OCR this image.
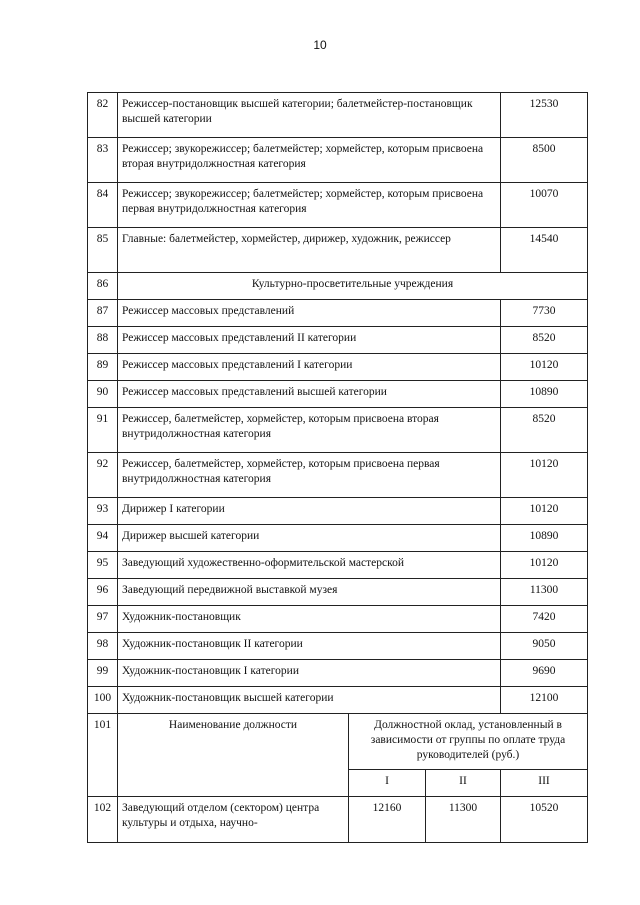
10
82	Режиссер-постановщик высшей категории; балетмейстер-постановщик высшей категории			12530
83	Режиссер; звукорежиссер; балетмейстер; хормейстер, которым присвоена вторая внутридолжностная категория			8500
84	Режиссер; звукорежиссер; балетмейстер; хормейстер, которым присвоена первая внутридолжностная категория			10070
85	Главные: балетмейстер, хормейстер, дирижер, художник, режиссер			14540
86	Культурно-просветительные учреждения			
87	Режиссер массовых представлений			7730
88	Режиссер массовых представлений II категории			8520
89	Режиссер массовых представлений I категории			10120
90	Режиссер массовых представлений высшей категории			10890
91	Режиссер, балетмейстер, хормейстер, которым присвоена вторая внутридолжностная категория			8520
92	Режиссер, балетмейстер, хормейстер, которым присвоена первая внутридолжностная категория			10120
93	Дирижер I категории			10120
94	Дирижер высшей категории			10890
95	Заведующий художественно-оформительской мастерской			10120
96	Заведующий передвижной выставкой музея			11300
97	Художник-постановщик			7420
98	Художник-постановщик II категории			9050
99	Художник-постановщик I категории			9690
100	Художник-постановщик высшей категории			12100
101	Наименование должности	Должностной оклад, установленный в зависимости от группы по оплате труда руководителей (руб.)		
		I	II	III
102	Заведующий отделом (сектором) центра культуры и отдыха, научно-	12160	11300	10520
